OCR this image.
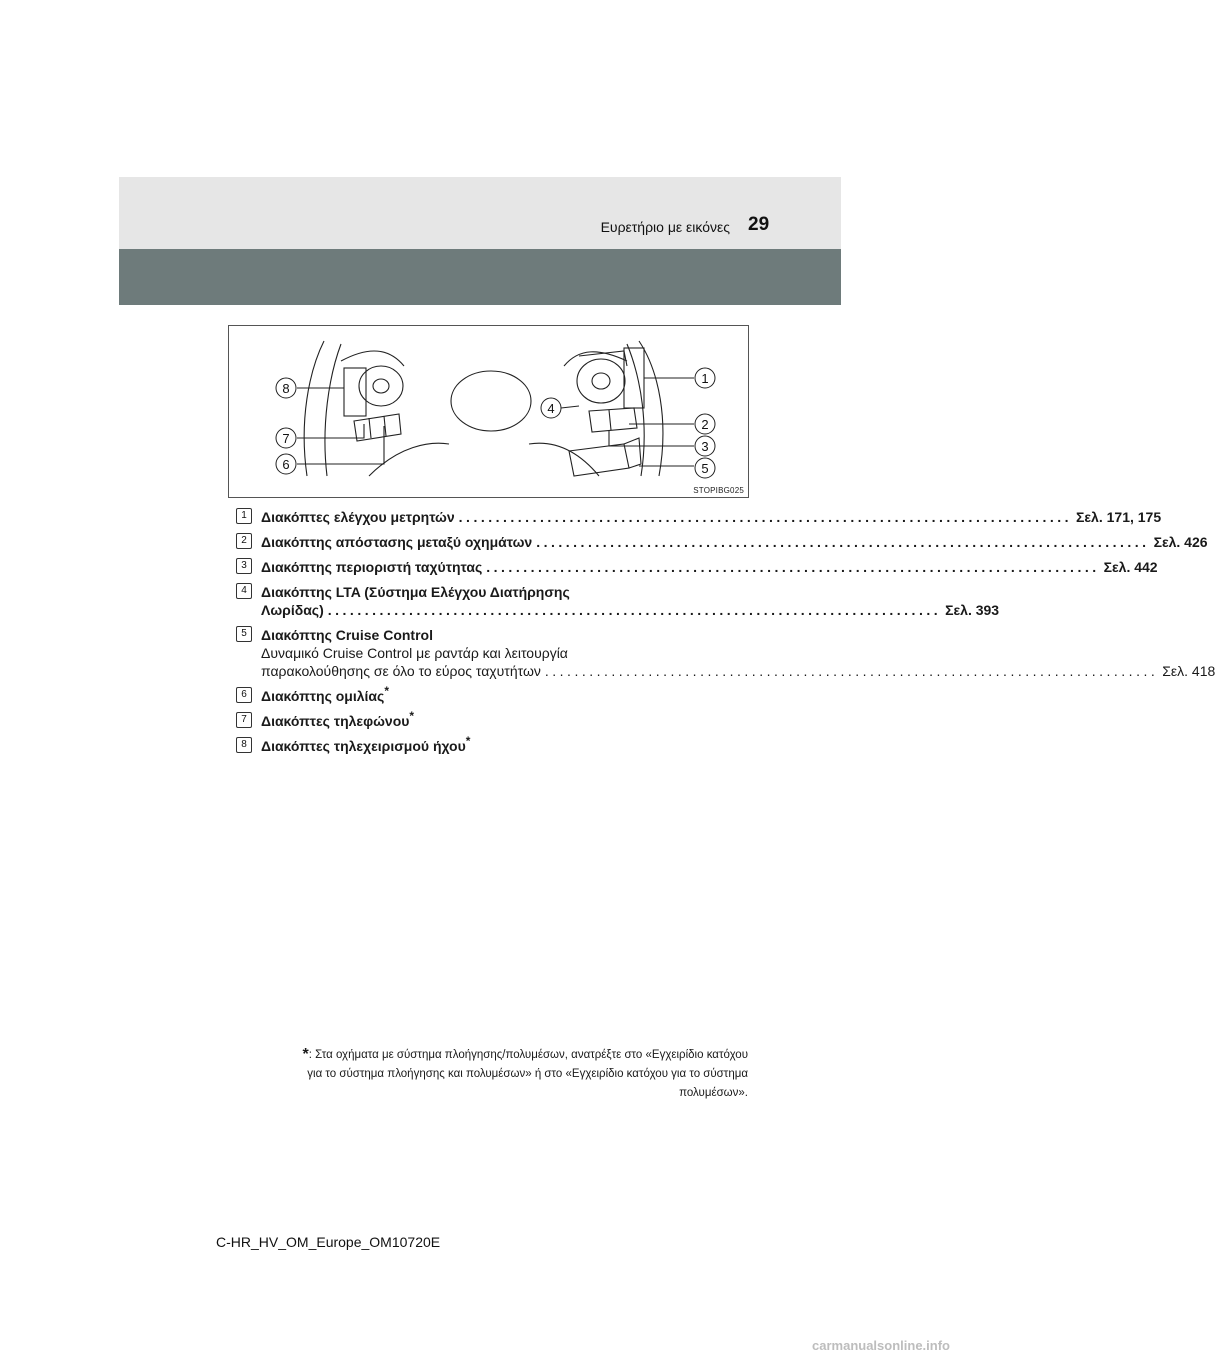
Ευρετήριο με εικόνες 29
1
2
3
4
5
6
7
8
STOPIBG025
1	Διακόπτες ελέγχου μετρητών ................................................................................... Σελ. 171, 175
2	Διακόπτης απόστασης μεταξύ οχημάτων ................................................................................... Σελ. 426
3	Διακόπτης περιοριστή ταχύτητας ................................................................................... Σελ. 442
4	Διακόπτης LTA (Σύστημα Ελέγχου Διατήρησης
Λωρίδας) ................................................................................... Σελ. 393
5	Διακόπτης Cruise Control
Δυναμικό Cruise Control με ραντάρ και λειτουργία
παρακολούθησης σε όλο το εύρος ταχυτήτων ................................................................................... Σελ. 418
6	Διακόπτης ομιλίας*
7	Διακόπτες τηλεφώνου*
8	Διακόπτες τηλεχειρισμού ήχου*
*: Στα οχήματα με σύστημα πλοήγησης/πολυμέσων, ανατρέξτε στο «Εγχειρίδιο κατόχου
για το σύστημα πλοήγησης και πολυμέσων» ή στο «Εγχειρίδιο κατόχου για το σύστημα
πολυμέσων».
C-HR_HV_OM_Europe_OM10720E
carmanualsonline.info
